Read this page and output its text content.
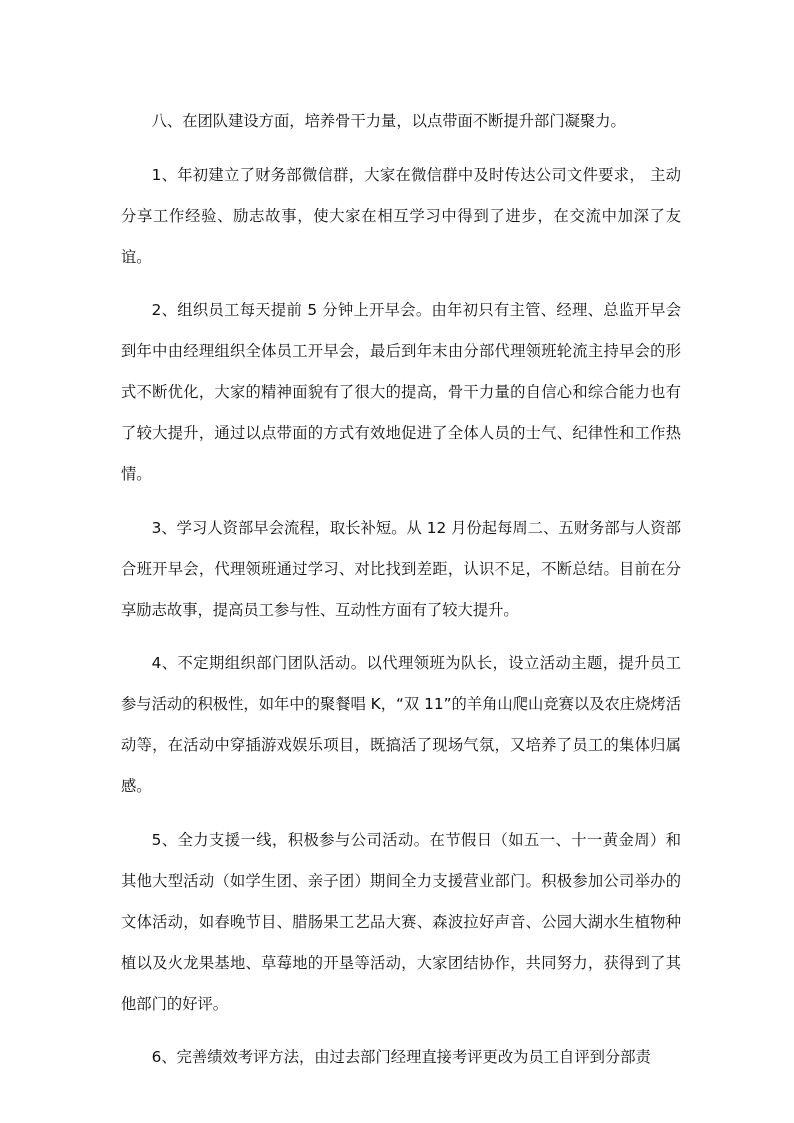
八、在团队建设方面，培养骨干力量，以点带面不断提升部门凝聚力。

1、年初建立了财务部微信群，大家在微信群中及时传达公司文件要求， 主动分享工作经验、励志故事，使大家在相互学习中得到了进步，在交流中加深了友谊。

2、组织员工每天提前 5 分钟上开早会。由年初只有主管、经理、总监开早会到年中由经理组织全体员工开早会，最后到年末由分部代理领班轮流主持早会的形式不断优化，大家的精神面貌有了很大的提高，骨干力量的自信心和综合能力也有了较大提升，通过以点带面的方式有效地促进了全体人员的士气、纪律性和工作热情。

3、学习人资部早会流程，取长补短。从 12 月份起每周二、五财务部与人资部合班开早会，代理领班通过学习、对比找到差距，认识不足，不断总结。目前在分享励志故事，提高员工参与性、互动性方面有了较大提升。

4、不定期组织部门团队活动。以代理领班为队长，设立活动主题，提升员工参与活动的积极性，如年中的聚餐唱 K，“双 11”的羊角山爬山竞赛以及农庄烧烤活动等，在活动中穿插游戏娱乐项目，既搞活了现场气氛，又培养了员工的集体归属感。

5、全力支援一线，积极参与公司活动。在节假日（如五一、十一黄金周）和其他大型活动（如学生团、亲子团）期间全力支援营业部门。积极参加公司举办的文体活动，如春晚节目、腊肠果工艺品大赛、森波拉好声音、公园大湖水生植物种植以及火龙果基地、草莓地的开垦等活动，大家团结协作，共同努力，获得到了其他部门的好评。

6、完善绩效考评方法，由过去部门经理直接考评更改为员工自评到分部责
